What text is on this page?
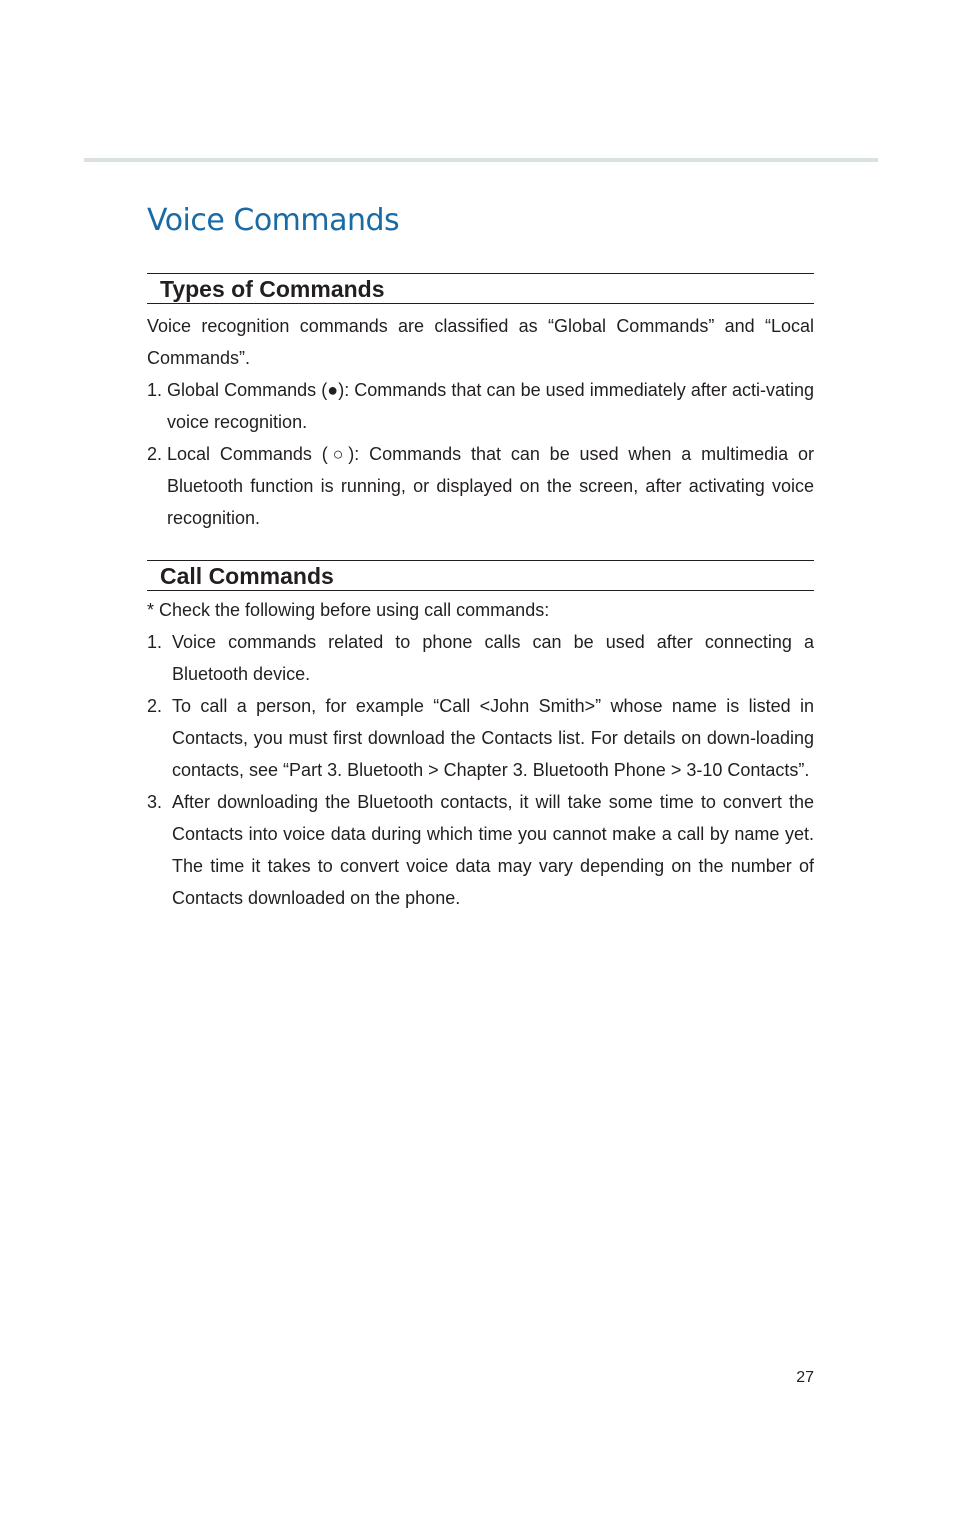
Voice Commands
Types of Commands

Voice recognition commands are classified as “Global Commands” and “Local Commands”.

1. Global Commands (●): Commands that can be used immediately after acti-vating voice recognition.
2. Local Commands (○): Commands that can be used when a multimedia or Bluetooth function is running, or displayed on the screen, after activating voice recognition.
Call Commands

* Check the following before using call commands:

1. Voice commands related to phone calls can be used after connecting a Bluetooth device.
2. To call a person, for example “Call <John Smith>” whose name is listed in Contacts, you must first download the Contacts list. For details on down-loading contacts, see “Part 3. Bluetooth > Chapter 3. Bluetooth Phone > 3-10 Contacts”.
3. After downloading the Bluetooth contacts, it will take some time to convert the Contacts into voice data during which time you cannot make a call by name yet. The time it takes to convert voice data may vary depending on the number of Contacts downloaded on the phone.
27
